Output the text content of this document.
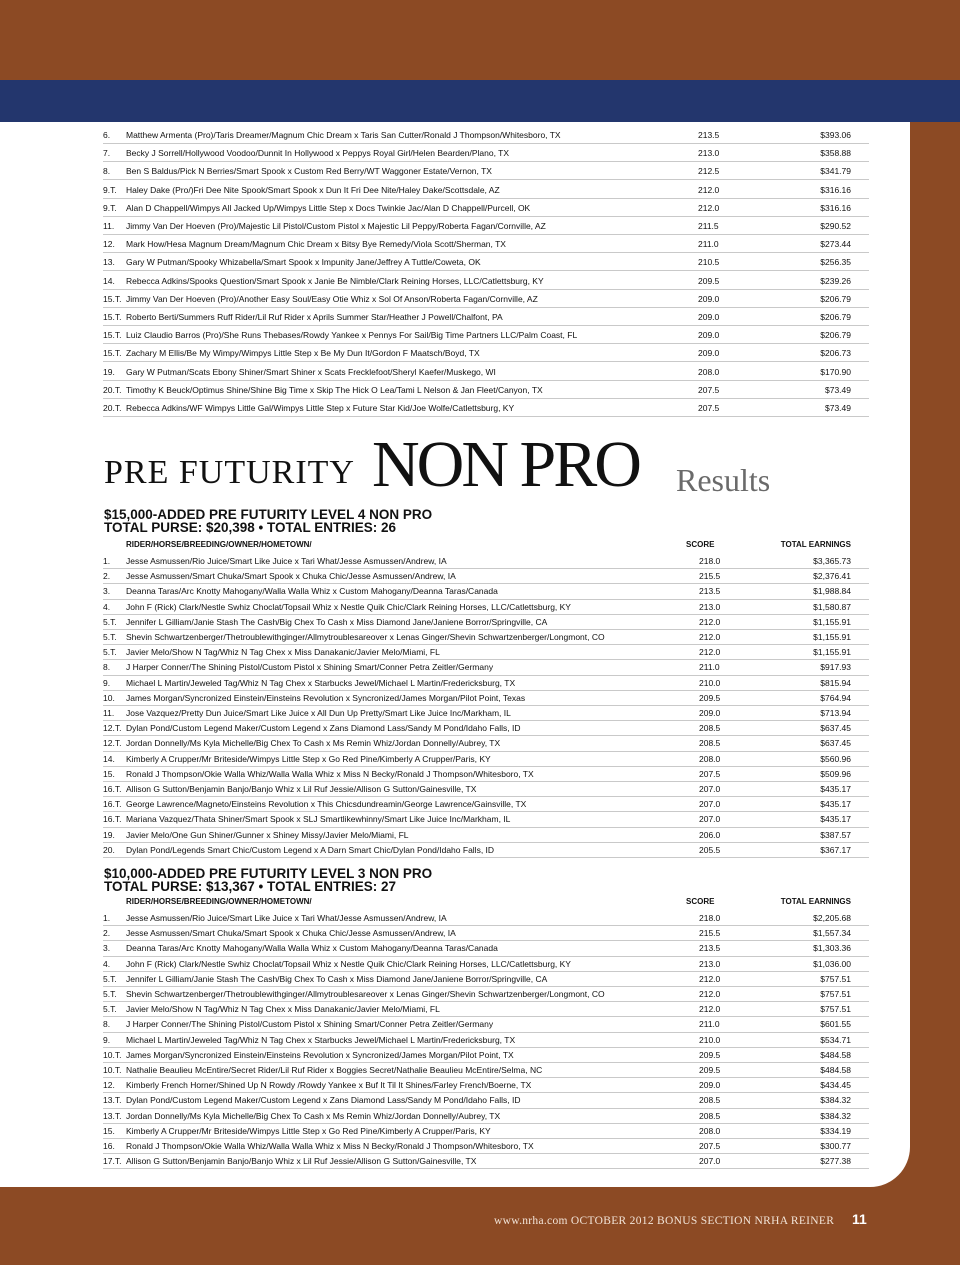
6. Matthew Armenta (Pro)/Taris Dreamer/Magnum Chic Dream x Taris San Cutter/Ronald J Thompson/Whitesboro, TX	213.5	$393.06
7. Becky J Sorrell/Hollywood Voodoo/Dunnit In Hollywood x Peppys Royal Girl/Helen Bearden/Plano, TX	213.0	$358.88
8. Ben S Baldus/Pick N Berries/Smart Spook x Custom Red Berry/WT Waggoner Estate/Vernon, TX	212.5	$341.79
9.T. Haley Dake (Pro/)Fri Dee Nite Spook/Smart Spook x Dun It Fri Dee Nite/Haley Dake/Scottsdale, AZ	212.0	$316.16
9.T. Alan D Chappell/Wimpys All Jacked Up/Wimpys Little Step x Docs Twinkie Jac/Alan D Chappell/Purcell, OK	212.0	$316.16
11. Jimmy Van Der Hoeven (Pro)/Majestic Lil Pistol/Custom Pistol x Majestic Lil Peppy/Roberta Fagan/Cornville, AZ	211.5	$290.52
12. Mark How/Hesa Magnum Dream/Magnum Chic Dream x Bitsy Bye Remedy/Viola Scott/Sherman, TX	211.0	$273.44
13. Gary W Putman/Spooky Whizabella/Smart Spook x Impunity Jane/Jeffrey A Tuttle/Coweta, OK	210.5	$256.35
14. Rebecca Adkins/Spooks Question/Smart Spook x Janie Be Nimble/Clark Reining Horses, LLC/Catlettsburg, KY	209.5	$239.26
15.T. Jimmy Van Der Hoeven (Pro)/Another Easy Soul/Easy Otie Whiz x Sol Of Anson/Roberta Fagan/Cornville, AZ	209.0	$206.79
15.T. Roberto Berti/Summers Ruff Rider/Lil Ruf Rider x Aprils Summer Star/Heather J Powell/Chalfont, PA	209.0	$206.79
15.T. Luiz Claudio Barros (Pro)/She Runs Thebases/Rowdy Yankee x Pennys For Sail/Big Time Partners LLC/Palm Coast, FL	209.0	$206.79
15.T. Zachary M Ellis/Be My Wimpy/Wimpys Little Step x Be My Dun It/Gordon F Maatsch/Boyd, TX	209.0	$206.73
19. Gary W Putman/Scats Ebony Shiner/Smart Shiner x Scats Frecklefoot/Sheryl Kaefer/Muskego, WI	208.0	$170.90
20.T. Timothy K Beuck/Optimus Shine/Shine Big Time x Skip The Hick O Lea/Tami L Nelson & Jan Fleet/Canyon, TX	207.5	$73.49
20.T. Rebecca Adkins/WF Wimpys Little Gal/Wimpys Little Step x Future Star Kid/Joe Wolfe/Catlettsburg, KY	207.5	$73.49
PRE FUTURITY NON PRO Results
$15,000-ADDED PRE FUTURITY LEVEL 4 NON PRO
TOTAL PURSE: $20,398 • TOTAL ENTRIES: 26
RIDER/HORSE/BREEDING/OWNER/HOMETOWN/	SCORE	TOTAL EARNINGS
1. Jesse Asmussen/Rio Juice/Smart Like Juice x Tari What/Jesse Asmussen/Andrew, IA	218.0	$3,365.73
2. Jesse Asmussen/Smart Chuka/Smart Spook x Chuka Chic/Jesse Asmussen/Andrew, IA	215.5	$2,376.41
3. Deanna Taras/Arc Knotty Mahogany/Walla Walla Whiz x Custom Mahogany/Deanna Taras/Canada	213.5	$1,988.84
4. John F (Rick) Clark/Nestle Swhiz Choclat/Topsail Whiz x Nestle Quik Chic/Clark Reining Horses, LLC/Catlettsburg, KY	213.0	$1,580.87
5.T. Jennifer L Gilliam/Janie Stash The Cash/Big Chex To Cash x Miss Diamond Jane/Janiene Borror/Springville, CA	212.0	$1,155.91
5.T. Shevin Schwartzenberger/Thetroublewithginger/Allmytroublesareover x Lenas Ginger/Shevin Schwartzenberger/Longmont, CO	212.0	$1,155.91
5.T. Javier Melo/Show N Tag/Whiz N Tag Chex x Miss Danakanic/Javier Melo/Miami, FL	212.0	$1,155.91
8. J Harper Conner/The Shining Pistol/Custom Pistol x Shining Smart/Conner Petra Zeitler/Germany	211.0	$917.93
9. Michael L Martin/Jeweled Tag/Whiz N Tag Chex x Starbucks Jewel/Michael L Martin/Fredericksburg, TX	210.0	$815.94
10. James Morgan/Syncronized Einstein/Einsteins Revolution x Syncronized/James Morgan/Pilot Point, Texas	209.5	$764.94
11. Jose Vazquez/Pretty Dun Juice/Smart Like Juice x All Dun Up Pretty/Smart Like Juice Inc/Markham, IL	209.0	$713.94
12.T. Dylan Pond/Custom Legend Maker/Custom Legend x Zans Diamond Lass/Sandy M Pond/Idaho Falls, ID	208.5	$637.45
12.T. Jordan Donnelly/Ms Kyla Michelle/Big Chex To Cash x Ms Remin Whiz/Jordan Donnelly/Aubrey, TX	208.5	$637.45
14. Kimberly A Crupper/Mr Briteside/Wimpys Little Step x Go Red Pine/Kimberly A Crupper/Paris, KY	208.0	$560.96
15. Ronald J Thompson/Okie Walla Whiz/Walla Walla Whiz x Miss N Becky/Ronald J Thompson/Whitesboro, TX	207.5	$509.96
16.T. Allison G Sutton/Benjamin Banjo/Banjo Whiz x Lil Ruf Jessie/Allison G Sutton/Gainesville, TX	207.0	$435.17
16.T. George Lawrence/Magneto/Einsteins Revolution x This Chicsdundreamin/George Lawrence/Gainsville, TX	207.0	$435.17
16.T. Mariana Vazquez/Thata Shiner/Smart Spook x SLJ Smartlikewhinny/Smart Like Juice Inc/Markham, IL	207.0	$435.17
19. Javier Melo/One Gun Shiner/Gunner x Shiney Missy/Javier Melo/Miami, FL	206.0	$387.57
20. Dylan Pond/Legends Smart Chic/Custom Legend x A Darn Smart Chic/Dylan Pond/Idaho Falls, ID	205.5	$367.17
$10,000-ADDED PRE FUTURITY LEVEL 3 NON PRO
TOTAL PURSE: $13,367 • TOTAL ENTRIES: 27
RIDER/HORSE/BREEDING/OWNER/HOMETOWN/	SCORE	TOTAL EARNINGS
1. Jesse Asmussen/Rio Juice/Smart Like Juice x Tari What/Jesse Asmussen/Andrew, IA	218.0	$2,205.68
2. Jesse Asmussen/Smart Chuka/Smart Spook x Chuka Chic/Jesse Asmussen/Andrew, IA	215.5	$1,557.34
3. Deanna Taras/Arc Knotty Mahogany/Walla Walla Whiz x Custom Mahogany/Deanna Taras/Canada	213.5	$1,303.36
4. John F (Rick) Clark/Nestle Swhiz Choclat/Topsail Whiz x Nestle Quik Chic/Clark Reining Horses, LLC/Catlettsburg, KY	213.0	$1,036.00
5.T. Jennifer L Gilliam/Janie Stash The Cash/Big Chex To Cash x Miss Diamond Jane/Janiene Borror/Springville, CA	212.0	$757.51
5.T. Shevin Schwartzenberger/Thetroublewithginger/Allmytroublesareover x Lenas Ginger/Shevin Schwartzenberger/Longmont, CO	212.0	$757.51
5.T. Javier Melo/Show N Tag/Whiz N Tag Chex x Miss Danakanic/Javier Melo/Miami, FL	212.0	$757.51
8. J Harper Conner/The Shining Pistol/Custom Pistol x Shining Smart/Conner Petra Zeitler/Germany	211.0	$601.55
9. Michael L Martin/Jeweled Tag/Whiz N Tag Chex x Starbucks Jewel/Michael L Martin/Fredericksburg, TX	210.0	$534.71
10.T. James Morgan/Syncronized Einstein/Einsteins Revolution x Syncronized/James Morgan/Pilot Point, TX	209.5	$484.58
10.T. Nathalie Beaulieu McEntire/Secret Rider/Lil Ruf Rider x Boggies Secret/Nathalie Beaulieu McEntire/Selma, NC	209.5	$484.58
12. Kimberly French Horner/Shined Up N Rowdy /Rowdy Yankee x Buf It Til It Shines/Farley French/Boerne, TX	209.0	$434.45
13.T. Dylan Pond/Custom Legend Maker/Custom Legend x Zans Diamond Lass/Sandy M Pond/Idaho Falls, ID	208.5	$384.32
13.T. Jordan Donnelly/Ms Kyla Michelle/Big Chex To Cash x Ms Remin Whiz/Jordan Donnelly/Aubrey, TX	208.5	$384.32
15. Kimberly A Crupper/Mr Briteside/Wimpys Little Step x Go Red Pine/Kimberly A Crupper/Paris, KY	208.0	$334.19
16. Ronald J Thompson/Okie Walla Whiz/Walla Walla Whiz x Miss N Becky/Ronald J Thompson/Whitesboro, TX	207.5	$300.77
17.T. Allison G Sutton/Benjamin Banjo/Banjo Whiz x Lil Ruf Jessie/Allison G Sutton/Gainesville, TX	207.0	$277.38
www.nrha.com OCTOBER 2012 BONUS SECTION NRHA REINER 11
